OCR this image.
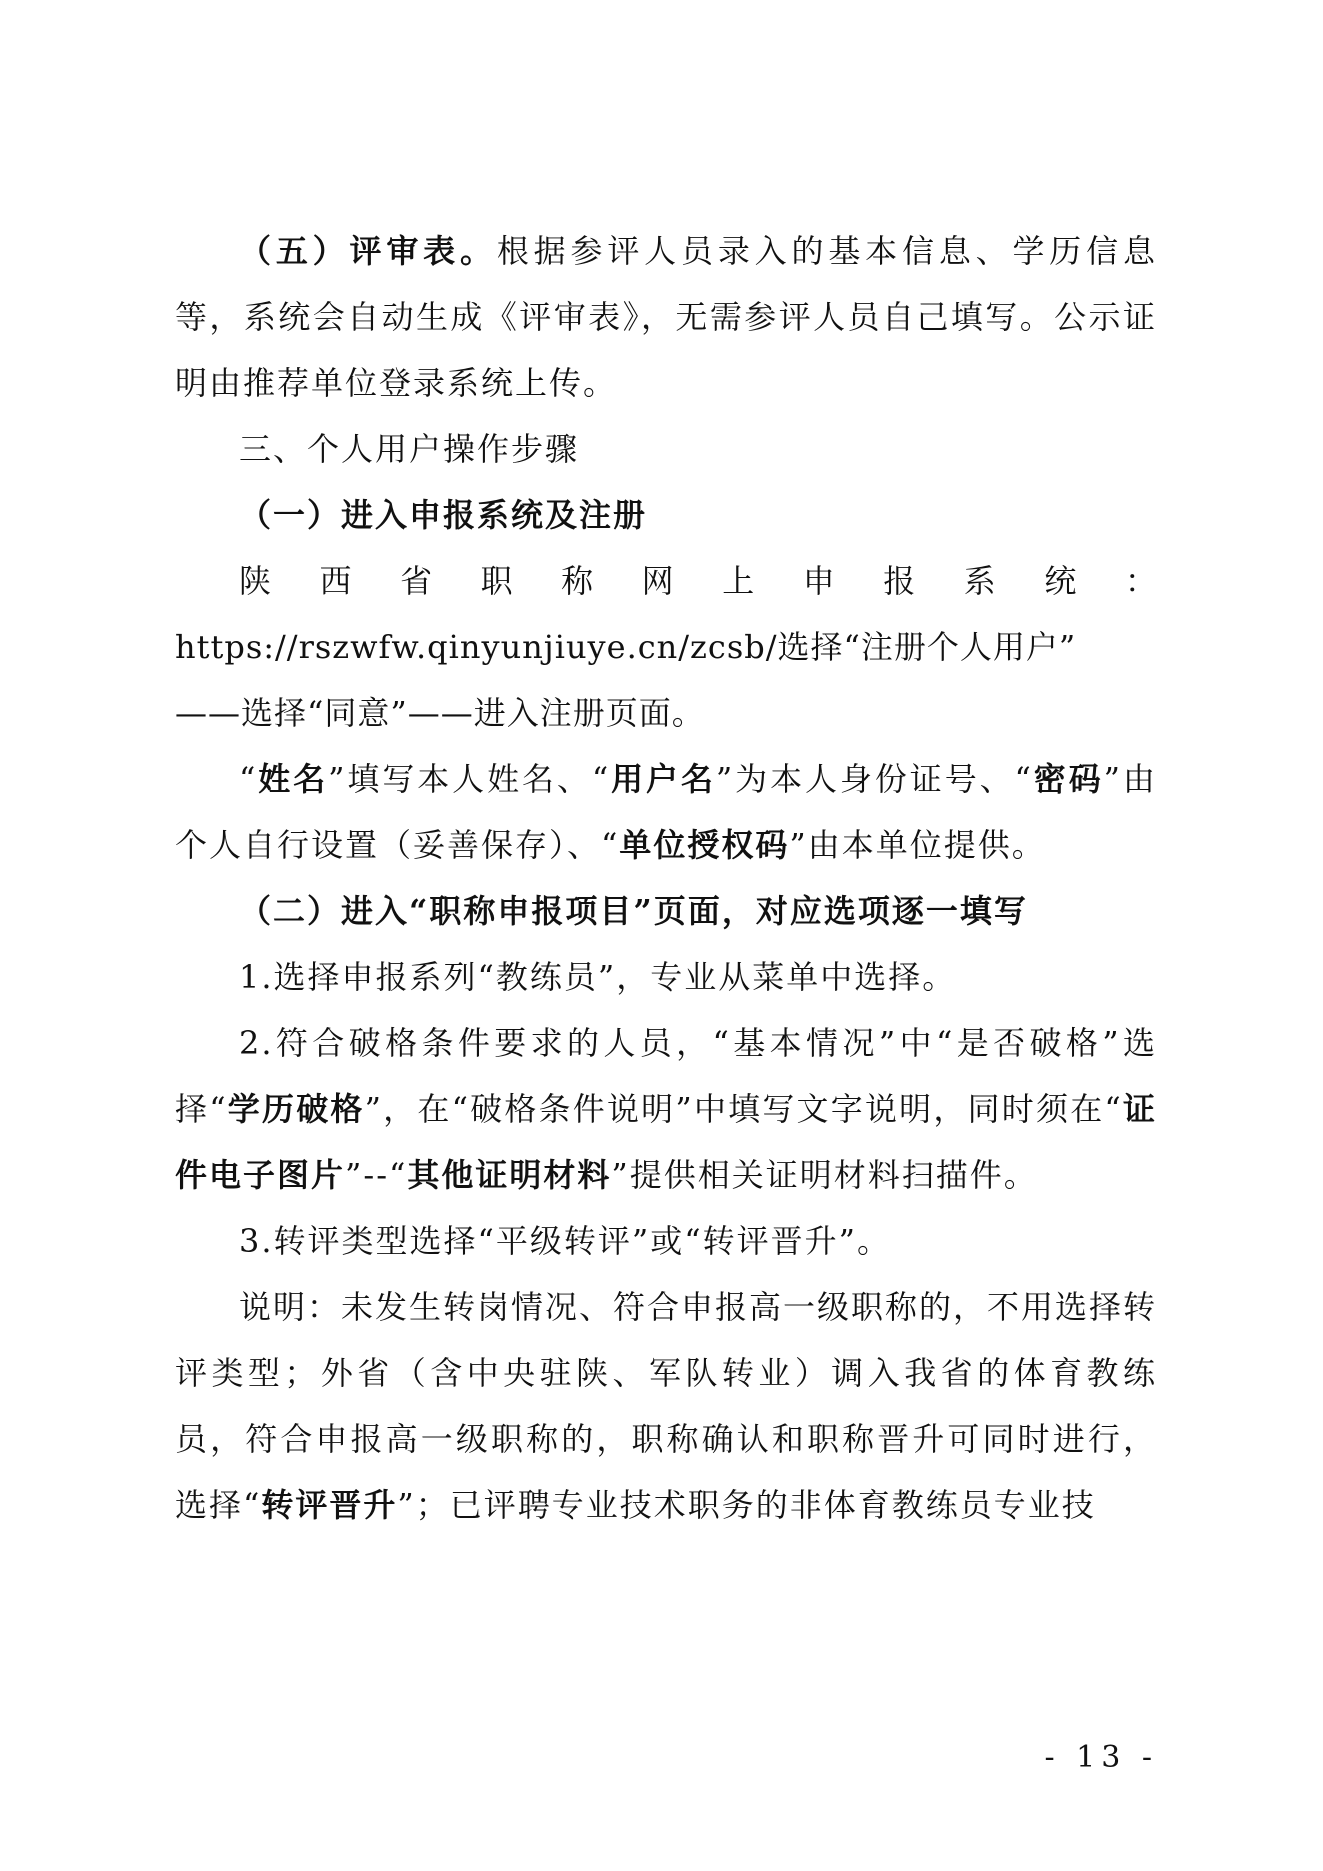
（五）评审表。根据参评人员录入的基本信息、学历信息等，系统会自动生成《评审表》，无需参评人员自己填写。公示证明由推荐单位登录系统上传。

三、个人用户操作步骤

（一）进入申报系统及注册

陕 西 省 职 称 网 上 申 报 系 统 ：
https://rszwfw.qinyunjiuye.cn/zcsb/选择“注册个人用户”
——选择“同意”——进入注册页面。

“姓名”填写本人姓名、“用户名”为本人身份证号、“密码”由个人自行设置（妥善保存）、“单位授权码”由本单位提供。

（二）进入“职称申报项目”页面，对应选项逐一填写

1.选择申报系列“教练员”，专业从菜单中选择。

2.符合破格条件要求的人员，“基本情况”中“是否破格”选择“学历破格”，在“破格条件说明”中填写文字说明，同时须在“证件电子图片”--“其他证明材料”提供相关证明材料扫描件。

3.转评类型选择“平级转评”或“转评晋升”。

说明：未发生转岗情况、符合申报高一级职称的，不用选择转评类型；外省（含中央驻陕、军队转业）调入我省的体育教练员，符合申报高一级职称的，职称确认和职称晋升可同时进行，选择“转评晋升”；已评聘专业技术职务的非体育教练员专业技

- 13 -
